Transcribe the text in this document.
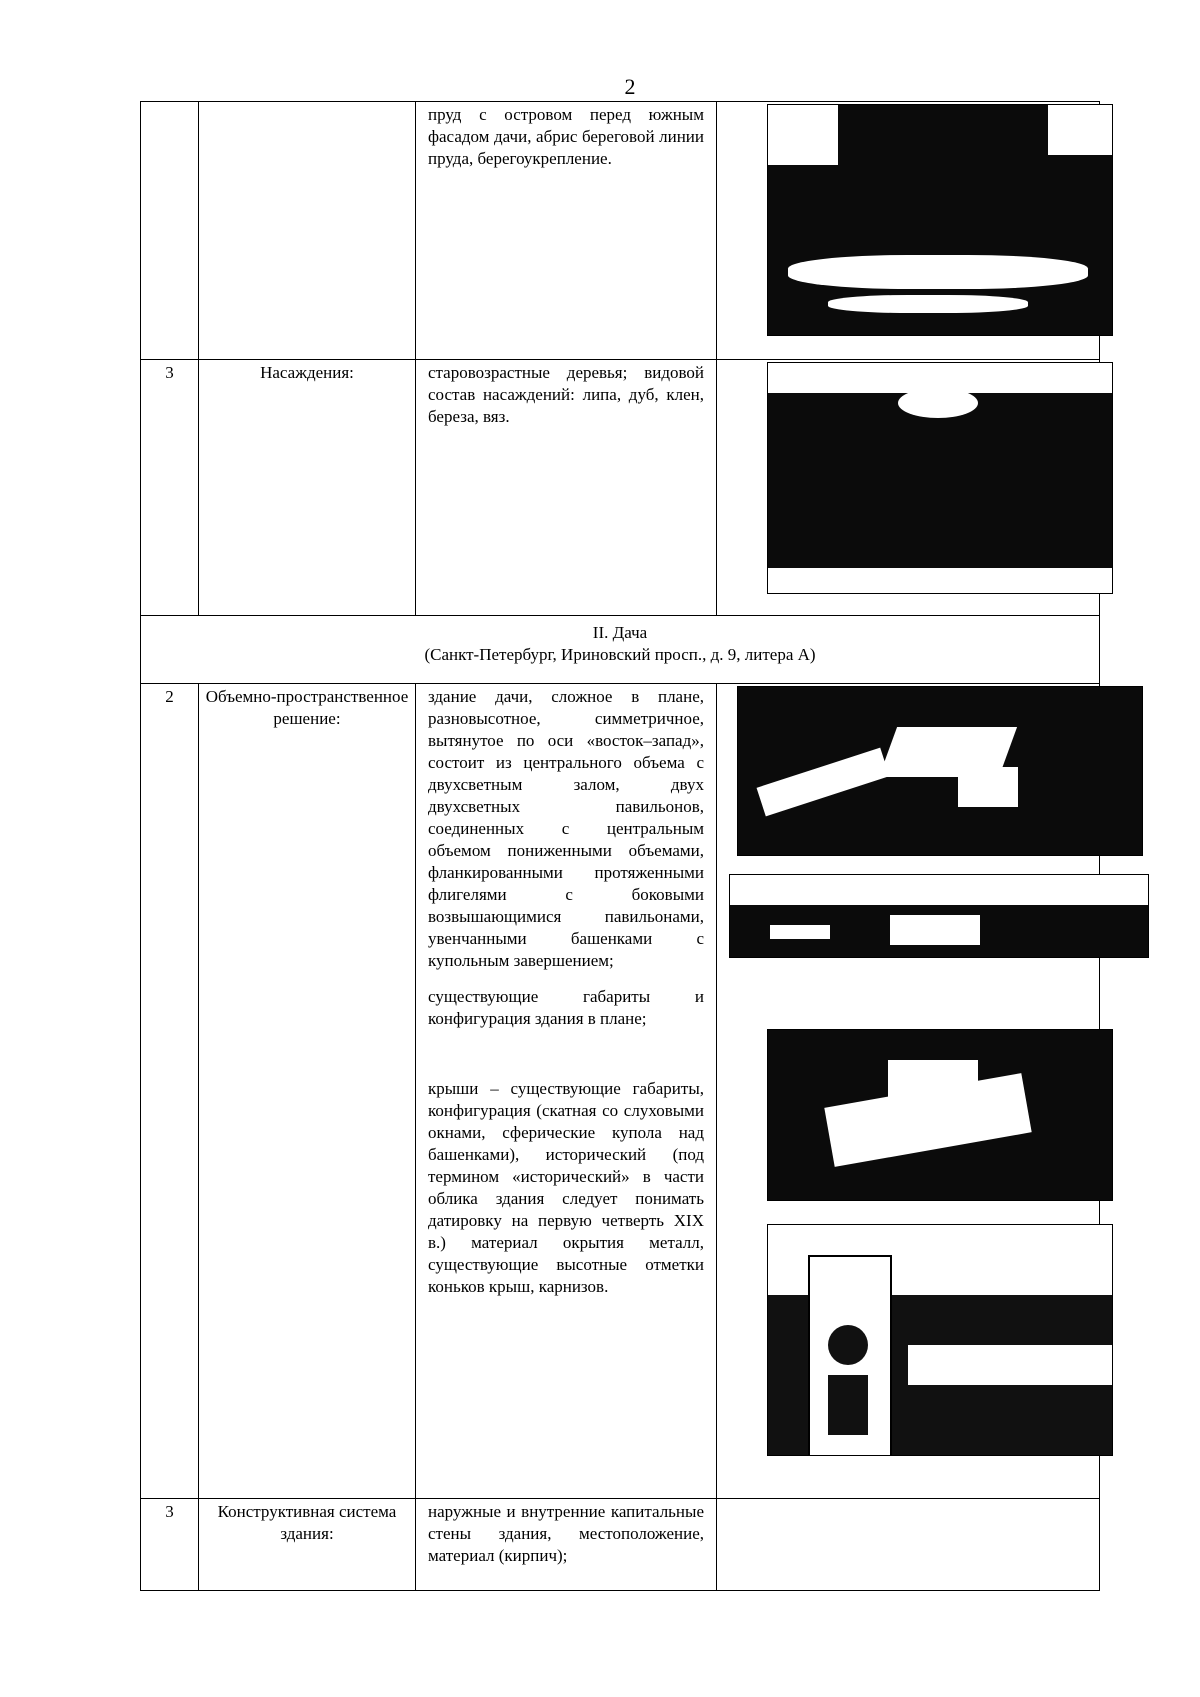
2

		пруд с островом перед южным фасадом дачи, абрис береговой линии пруда, берегоукрепление.	

3	Насаждения:	старовозрастные деревья; видовой состав насаждений: липа, дуб, клен, береза, вяз.	

II. Дача
(Санкт-Петербург, Ириновский просп., д. 9, литера А)			

2	Объемно-пространственное решение:	здание дачи, сложное в плане, разновысотное, симметричное, вытянутое по оси «восток–запад», состоит из центрального объема с двухсветным залом, двух двухсветных павильонов, соединенных с центральным объемом пониженными объемами, фланкированными протяженными флигелями с боковыми возвышающимися павильонами, увенчанными башенками с купольным завершением;

существующие габариты и конфигурация здания в плане;

крыши – существующие габариты, конфигурация (скатная со слуховыми окнами, сферические купола над башенками), исторический (под термином «исторический» в части облика здания следует понимать датировку на первую четверть XIX в.) материал окрытия металл, существующие высотные отметки коньков крыш, карнизов.	

3	Конструктивная система здания:	наружные и внутренние капитальные стены здания, местоположение, материал (кирпич);	
